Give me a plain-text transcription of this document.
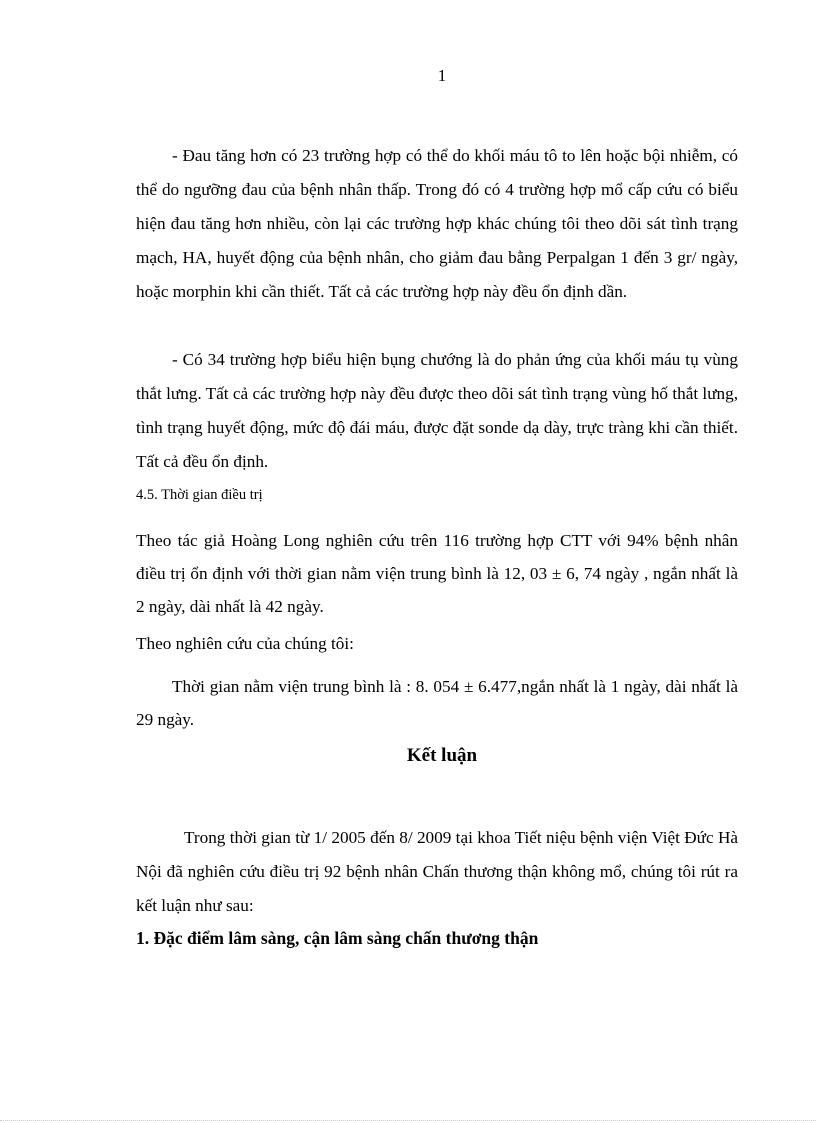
1

- Đau tăng hơn có 23 trường hợp có thể do khối máu tô to lên hoặc bội nhiễm, có thể do ngưỡng đau của bệnh nhân thấp. Trong đó có 4 trường hợp mổ cấp cứu có biểu hiện đau tăng hơn nhiều, còn lại các trường hợp khác chúng tôi theo dõi sát tình trạng mạch, HA, huyết động của bệnh nhân, cho giảm đau bằng Perpalgan 1 đến 3 gr/ ngày, hoặc morphin khi cần thiết. Tất cả các trường hợp này đều ổn định dần.

- Có 34 trường hợp biểu hiện bụng chướng là do phản ứng của khối máu tụ vùng thắt lưng. Tất cả các trường hợp này đều được theo dõi sát tình trạng vùng hố thắt lưng, tình trạng huyết động, mức độ đái máu, được đặt sonde dạ dày, trực tràng khi cần thiết. Tất cả đều ổn định.

4.5. Thời gian điều trị

Theo tác giả Hoàng Long nghiên cứu trên 116 trường hợp CTT với 94% bệnh nhân điều trị ổn định với thời gian nằm viện trung bình là 12, 03 ± 6, 74 ngày , ngắn nhất là 2 ngày, dài nhất là 42 ngày.

Theo nghiên cứu của chúng tôi:

Thời gian nằm viện trung bình là : 8. 054 ± 6.477,ngắn nhất là 1 ngày, dài nhất là 29 ngày.

Kết luận

Trong thời gian từ 1/ 2005 đến 8/ 2009 tại khoa Tiết niệu bệnh viện Việt Đức Hà Nội đã nghiên cứu điều trị 92 bệnh nhân Chấn thương thận không mổ, chúng tôi rút ra kết luận như sau:

1. Đặc điểm lâm sàng, cận lâm sàng chấn thương thận
